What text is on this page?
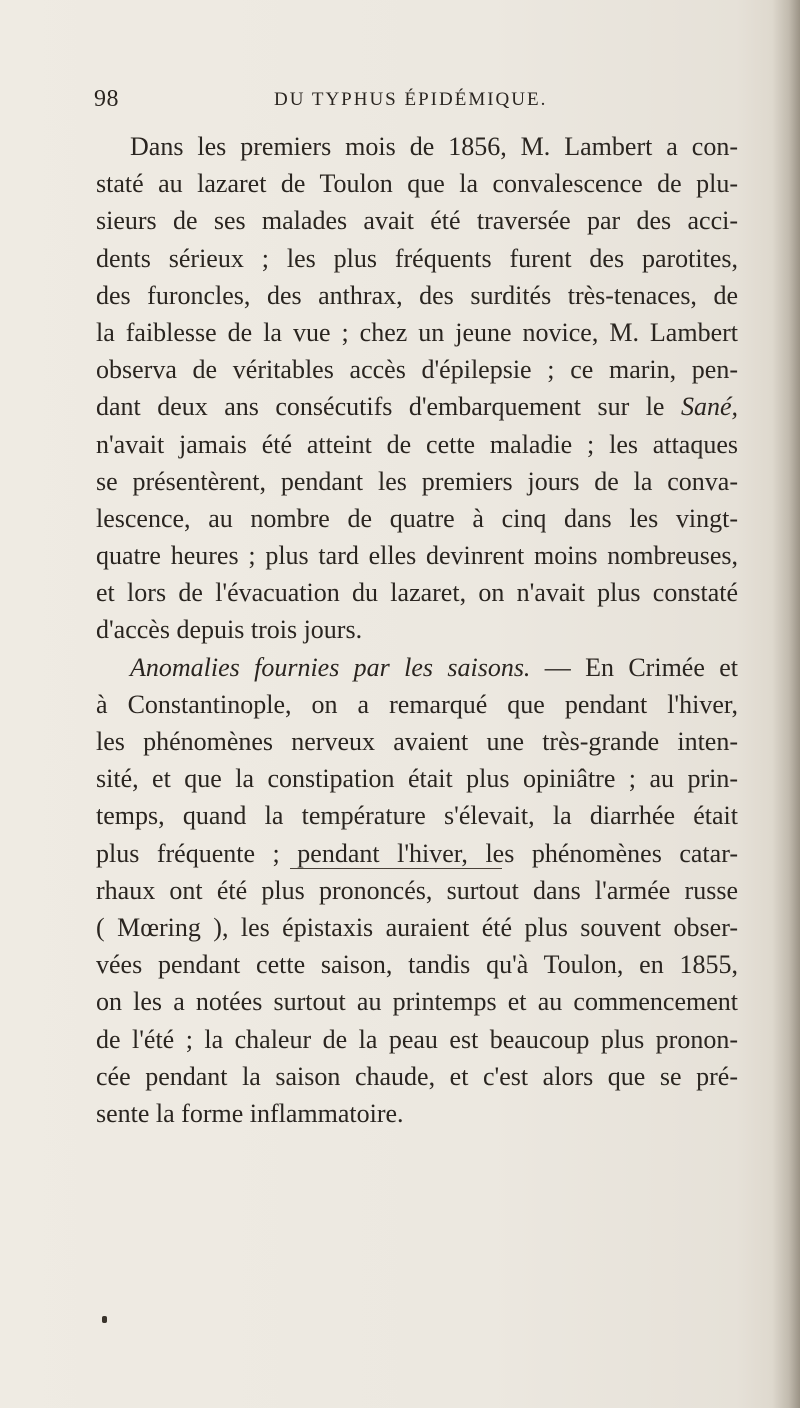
98	DU TYPHUS ÉPIDÉMIQUE.
Dans les premiers mois de 1856, M. Lambert a con-
staté au lazaret de Toulon que la convalescence de plu-
sieurs de ses malades avait été traversée par des acci-
dents sérieux ; les plus fréquents furent des parotites,
des furoncles, des anthrax, des surdités très-tenaces, de
la faiblesse de la vue ; chez un jeune novice, M. Lambert
observa de véritables accès d'épilepsie ; ce marin, pen-
dant deux ans consécutifs d'embarquement sur le Sané,
n'avait jamais été atteint de cette maladie ; les attaques
se présentèrent, pendant les premiers jours de la conva-
lescence, au nombre de quatre à cinq dans les vingt-
quatre heures ; plus tard elles devinrent moins nombreuses,
et lors de l'évacuation du lazaret, on n'avait plus constaté
d'accès depuis trois jours.
Anomalies fournies par les saisons. — En Crimée et
à Constantinople, on a remarqué que pendant l'hiver,
les phénomènes nerveux avaient une très-grande inten-
sité, et que la constipation était plus opiniâtre ; au prin-
temps, quand la température s'élevait, la diarrhée était
plus fréquente ; pendant l'hiver, les phénomènes catar-
rhaux ont été plus prononcés, surtout dans l'armée russe
( Mœring ), les épistaxis auraient été plus souvent obser-
vées pendant cette saison, tandis qu'à Toulon, en 1855,
on les a notées surtout au printemps et au commencement
de l'été ; la chaleur de la peau est beaucoup plus pronon-
cée pendant la saison chaude, et c'est alors que se pré-
sente la forme inflammatoire.
